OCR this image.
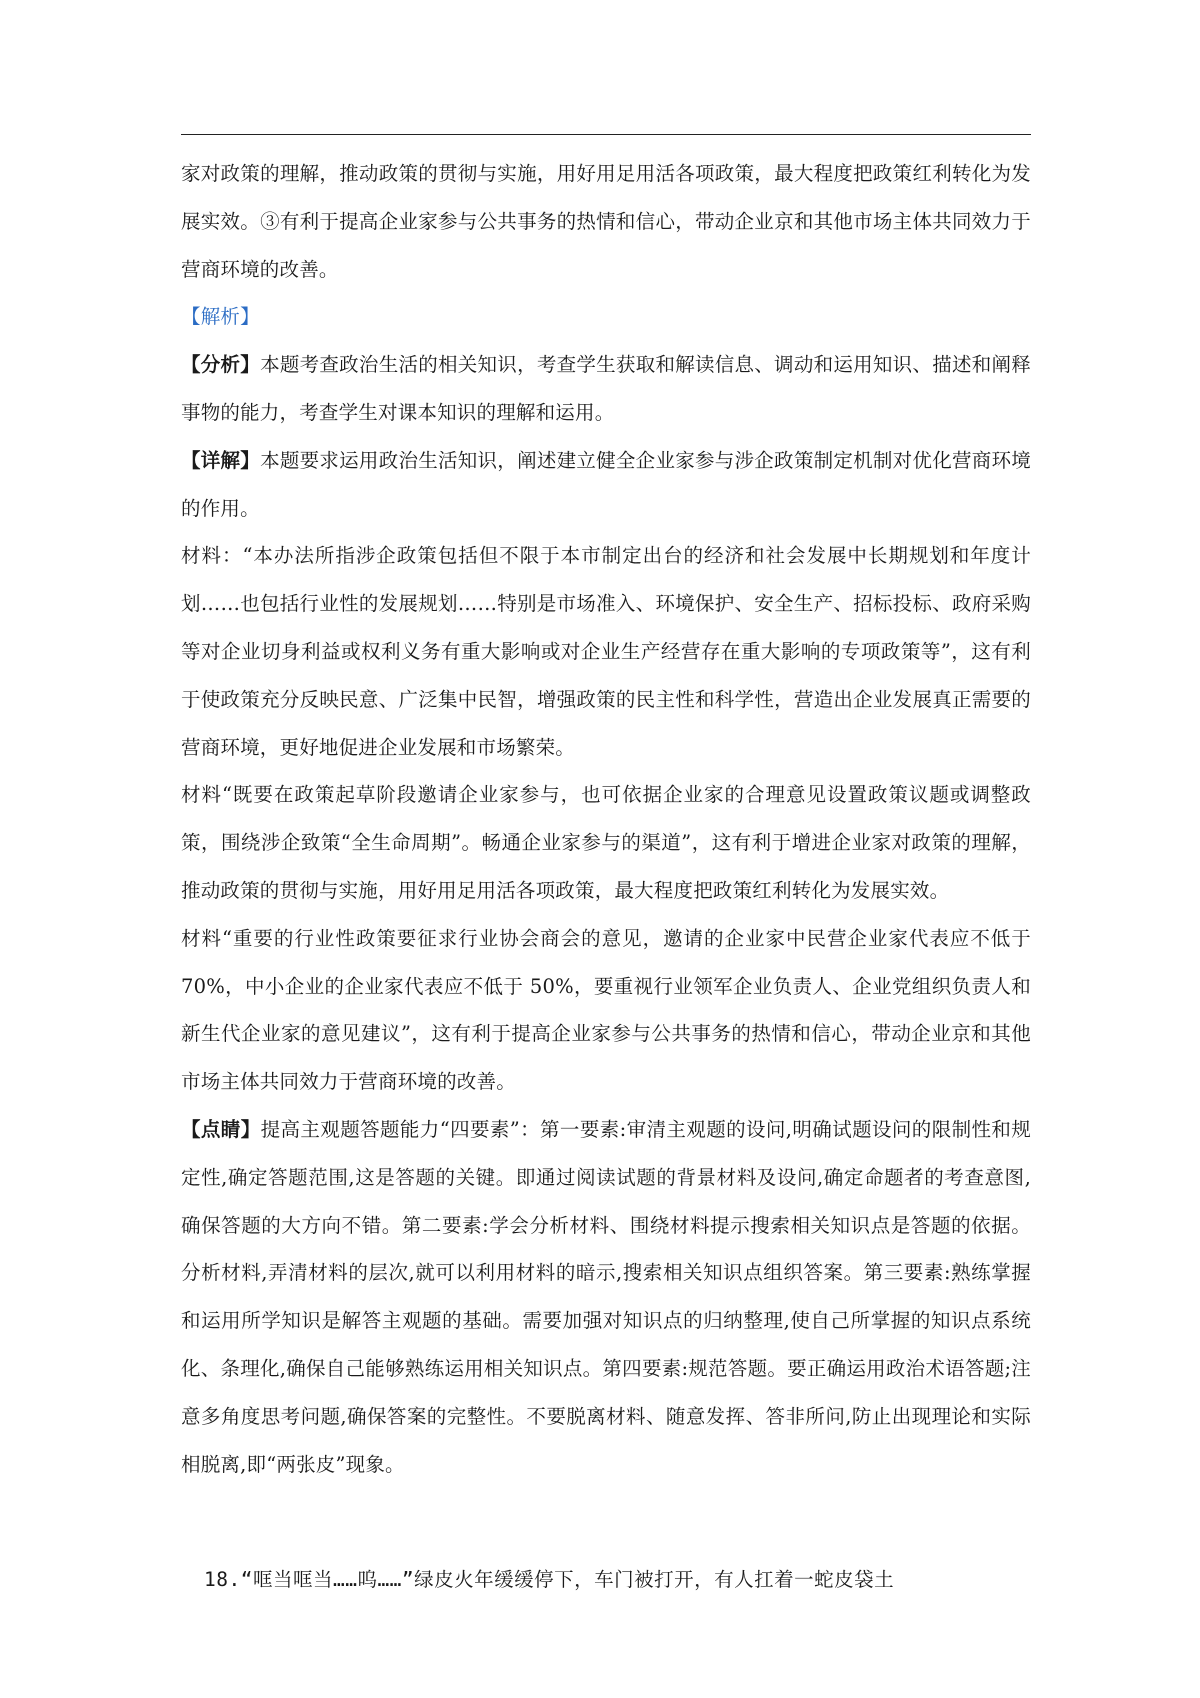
家对政策的理解，推动政策的贯彻与实施，用好用足用活各项政策，最大程度把政策红利转化为发展实效。③有利于提高企业家参与公共事务的热情和信心，带动企业京和其他市场主体共同效力于营商环境的改善。

【解析】

【分析】本题考查政治生活的相关知识，考查学生获取和解读信息、调动和运用知识、描述和阐释事物的能力，考查学生对课本知识的理解和运用。

【详解】本题要求运用政治生活知识，阐述建立健全企业家参与涉企政策制定机制对优化营商环境的作用。

材料：“本办法所指涉企政策包括但不限于本市制定出台的经济和社会发展中长期规划和年度计划……也包括行业性的发展规划……特别是市场准入、环境保护、安全生产、招标投标、政府采购等对企业切身利益或权利义务有重大影响或对企业生产经营存在重大影响的专项政策等”，这有利于使政策充分反映民意、广泛集中民智，增强政策的民主性和科学性，营造出企业发展真正需要的营商环境，更好地促进企业发展和市场繁荣。

材料“既要在政策起草阶段邀请企业家参与，也可依据企业家的合理意见设置政策议题或调整政策，围绕涉企致策“全生命周期”。畅通企业家参与的渠道”，这有利于增进企业家对政策的理解，推动政策的贯彻与实施，用好用足用活各项政策，最大程度把政策红利转化为发展实效。

材料“重要的行业性政策要征求行业协会商会的意见，邀请的企业家中民营企业家代表应不低于 70%，中小企业的企业家代表应不低于 50%，要重视行业领军企业负责人、企业党组织负责人和新生代企业家的意见建议”，这有利于提高企业家参与公共事务的热情和信心，带动企业京和其他市场主体共同效力于营商环境的改善。

【点睛】提高主观题答题能力“四要素”：第一要素:审清主观题的设问,明确试题设问的限制性和规定性,确定答题范围,这是答题的关键。即通过阅读试题的背景材料及设问,确定命题者的考查意图,确保答题的大方向不错。第二要素:学会分析材料、围绕材料提示搜索相关知识点是答题的依据。分析材料,弄清材料的层次,就可以利用材料的暗示,搜索相关知识点组织答案。第三要素:熟练掌握和运用所学知识是解答主观题的基础。需要加强对知识点的归纳整理,使自己所掌握的知识点系统化、条理化,确保自己能够熟练运用相关知识点。第四要素:规范答题。要正确运用政治术语答题;注意多角度思考问题,确保答案的完整性。不要脱离材料、随意发挥、答非所问,防止出现理论和实际相脱离,即“两张皮”现象。

18.“哐当哐当……呜……”绿皮火年缓缓停下，车门被打开，有人扛着一蛇皮袋土
